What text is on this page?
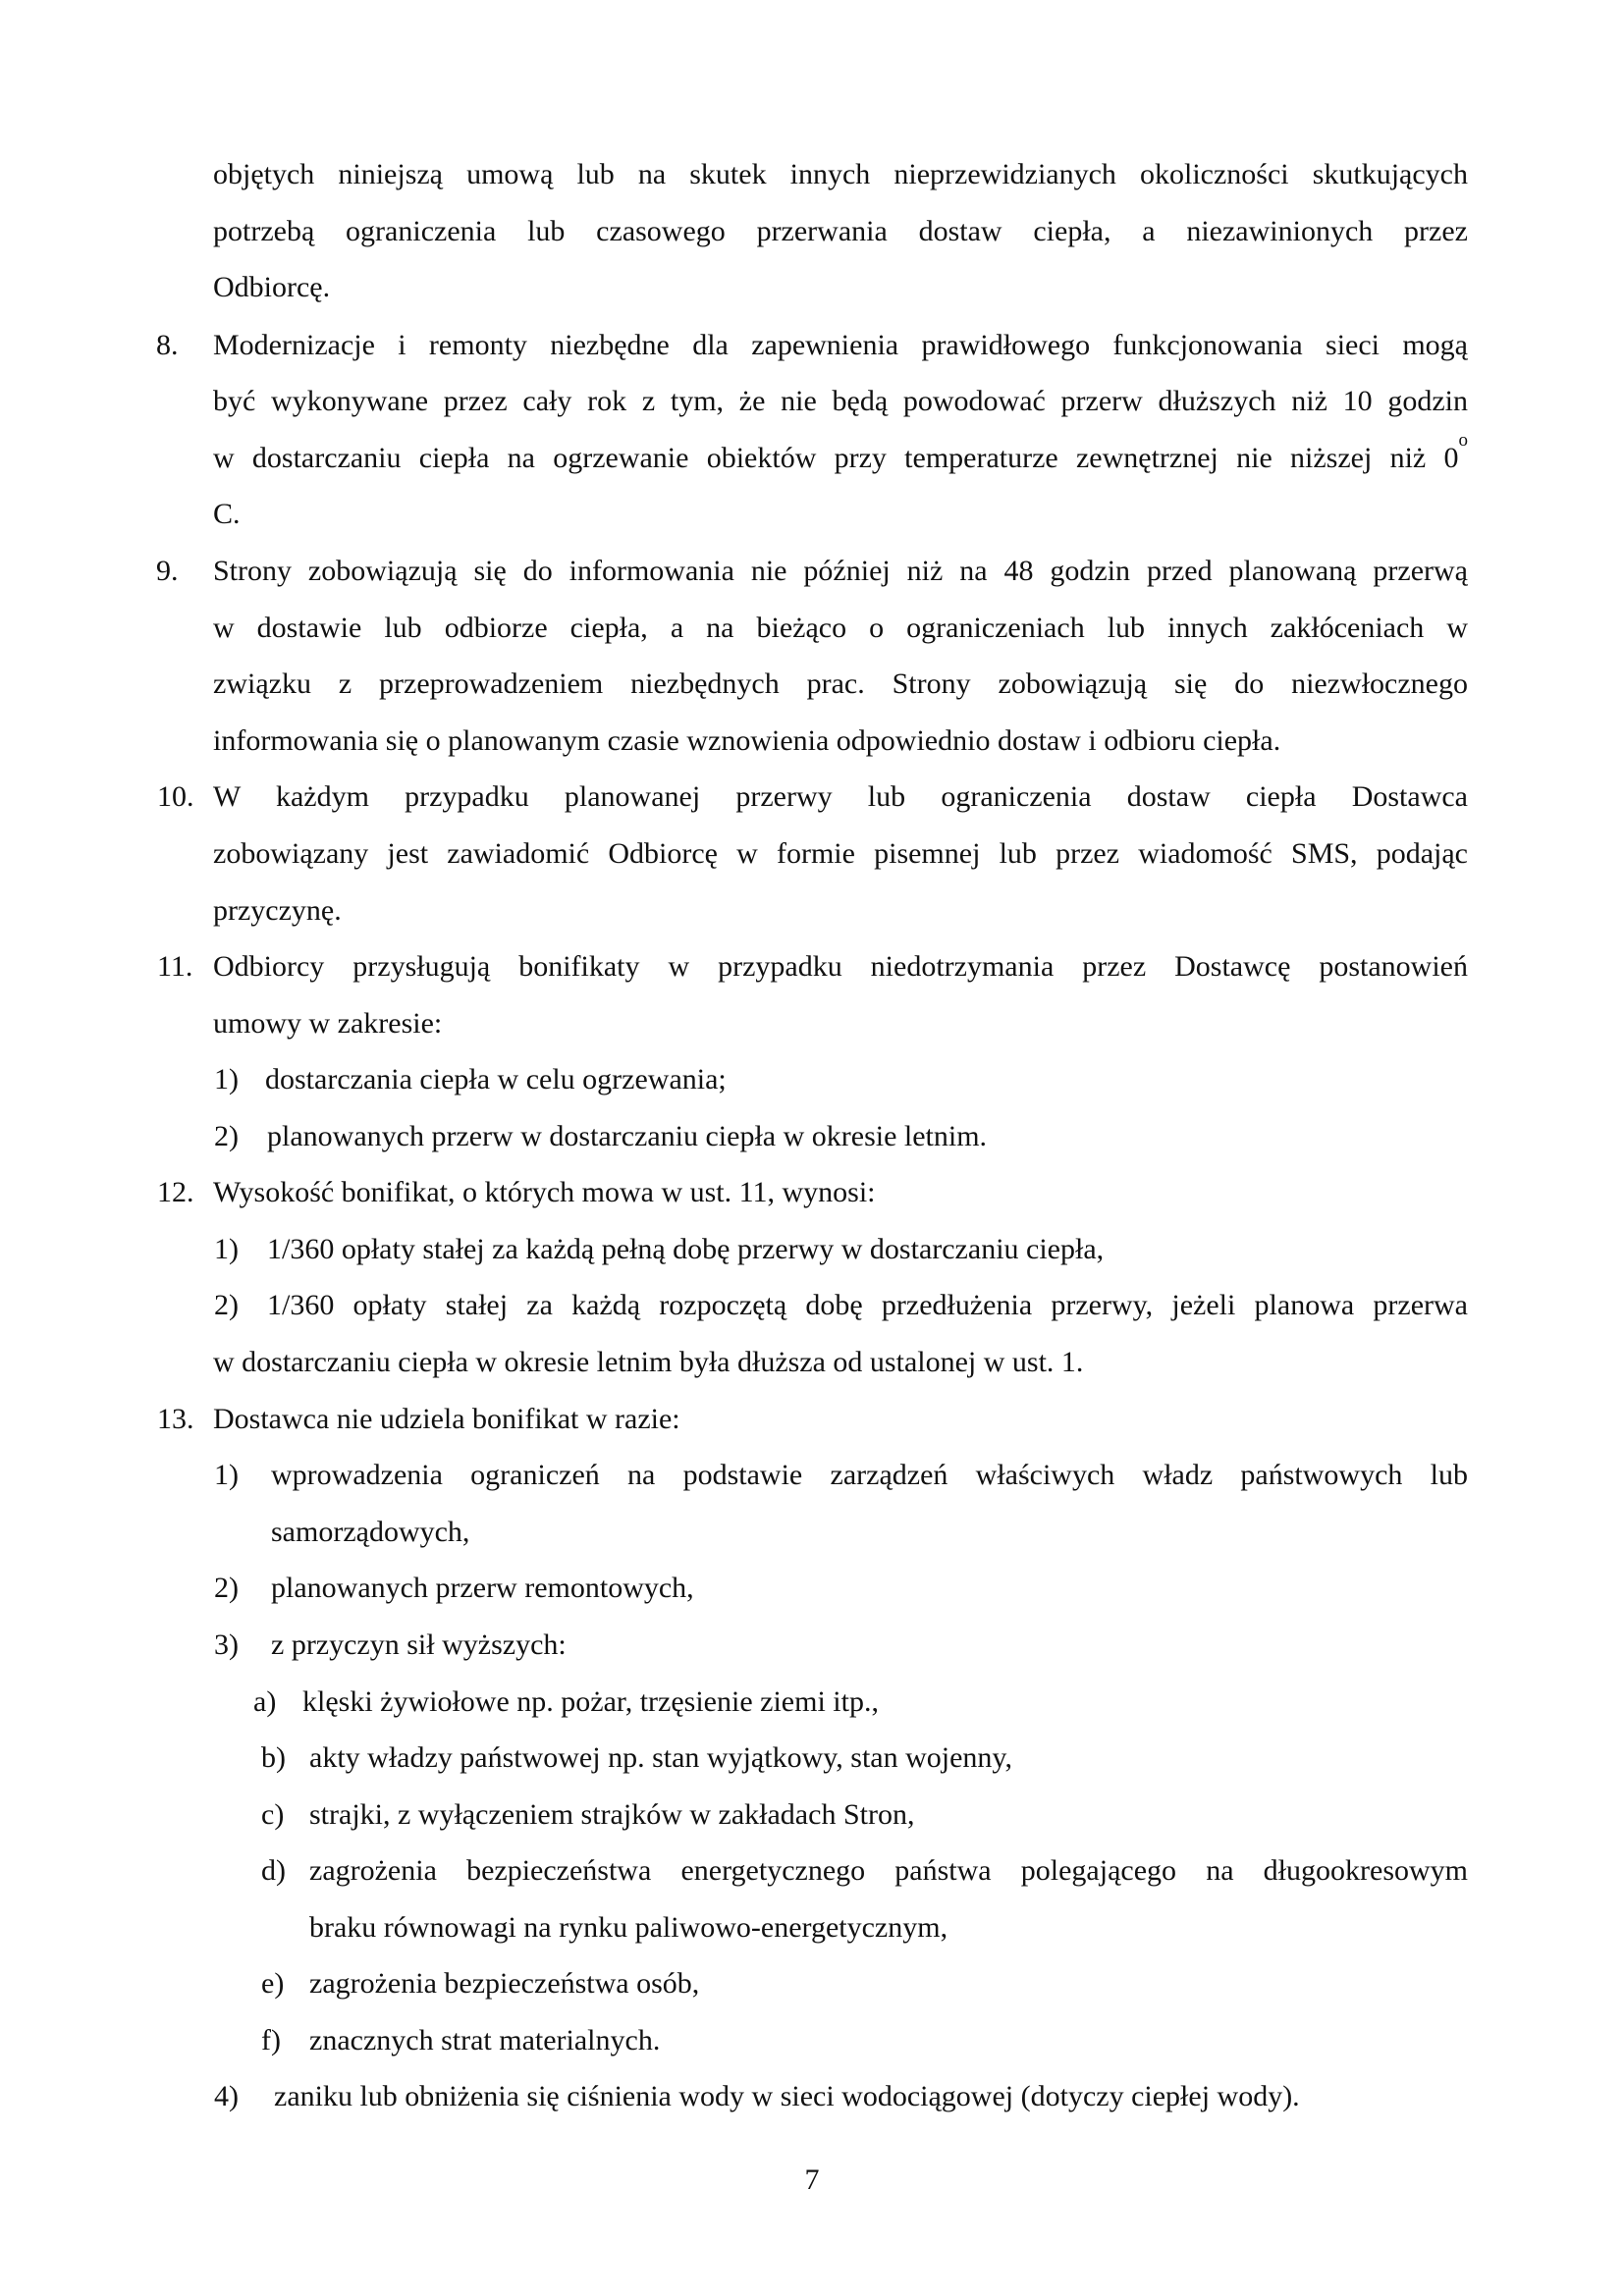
objętych niniejszą umową lub na skutek innych nieprzewidzianych okoliczności skutkujących
potrzebą ograniczenia lub czasowego przerwania dostaw ciepła, a niezawinionych przez
Odbiorcę.
8. Modernizacje i remonty niezbędne dla zapewnienia prawidłowego funkcjonowania sieci mogą
być wykonywane przez cały rok z tym, że nie będą powodować przerw dłuższych niż 10 godzin
w dostarczaniu ciepła na ogrzewanie obiektów przy temperaturze zewnętrznej nie niższej niż 0
o
C.
9. Strony zobowiązują się do informowania nie później niż na 48 godzin przed planowaną przerwą
w dostawie lub odbiorze ciepła, a na bieżąco o ograniczeniach lub innych zakłóceniach w
związku z przeprowadzeniem niezbędnych prac. Strony zobowiązują się do niezwłocznego
informowania się o planowanym czasie wznowienia odpowiednio dostaw i odbioru ciepła.
10. W każdym przypadku planowanej przerwy lub ograniczenia dostaw ciepła Dostawca
zobowiązany jest zawiadomić Odbiorcę w formie pisemnej lub przez wiadomość SMS, podając
przyczynę.
11. Odbiorcy przysługują bonifikaty w przypadku niedotrzymania przez Dostawcę postanowień
umowy w zakresie:
1) dostarczania ciepła w celu ogrzewania;
2) planowanych przerw w dostarczaniu ciepła w okresie letnim.
12. Wysokość bonifikat, o których mowa w ust. 11, wynosi:
1) 1/360 opłaty stałej za każdą pełną dobę przerwy w dostarczaniu ciepła,
2) 1/360 opłaty stałej za każdą rozpoczętą dobę przedłużenia przerwy, jeżeli planowa przerwa
w dostarczaniu ciepła w okresie letnim była dłuższa od ustalonej w ust. 1.
13. Dostawca nie udziela bonifikat w razie:
1) wprowadzenia ograniczeń na podstawie zarządzeń właściwych władz państwowych lub
samorządowych,
2) planowanych przerw remontowych,
3) z przyczyn sił wyższych:
a) klęski żywiołowe np. pożar, trzęsienie ziemi itp.,
b) akty władzy państwowej np. stan wyjątkowy, stan wojenny,
c) strajki, z wyłączeniem strajków w zakładach Stron,
d) zagrożenia bezpieczeństwa energetycznego państwa polegającego na długookresowym
braku równowagi na rynku paliwowo-energetycznym,
e) zagrożenia bezpieczeństwa osób,
f) znacznych strat materialnych.
4) zaniku lub obniżenia się ciśnienia wody w sieci wodociągowej (dotyczy ciepłej wody).
7
